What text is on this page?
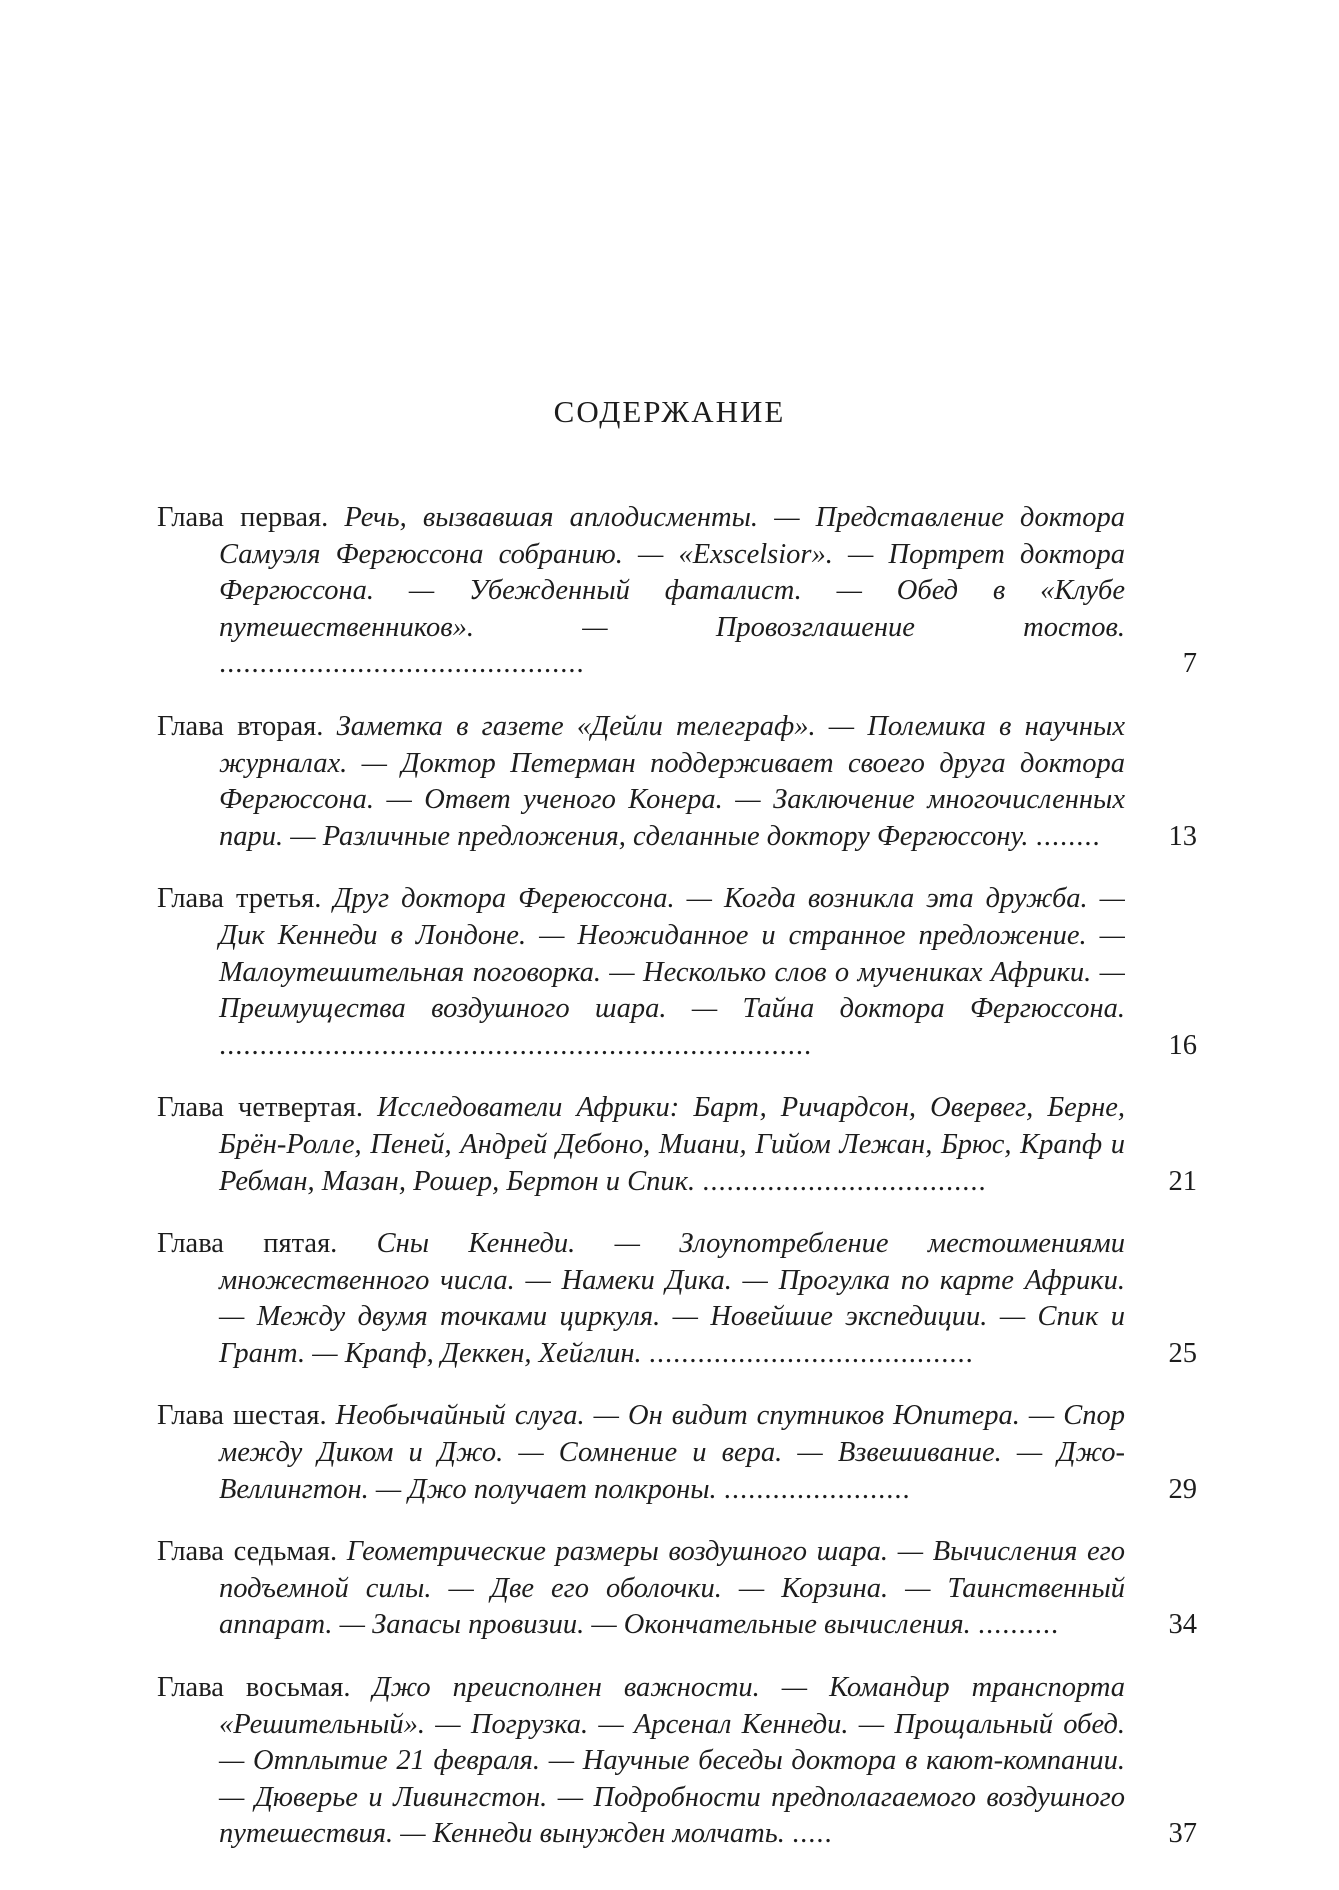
СОДЕРЖАНИЕ
Глава первая. Речь, вызвавшая аплодисменты. — Представление доктора Самуэля Фергюссона собранию. — «Exscelsior». — Портрет доктора Фергюссона. — Убежденный фаталист. — Обед в «Клубе путешественников». — Провозглашение тостов. .............................................	7
Глава вторая. Заметка в газете «Дейли телеграф». — Полемика в научных журналах. — Доктор Петерман поддерживает своего друга доктора Фергюссона. — Ответ ученого Конера. — Заключение многочисленных пари. — Различные предложения, сделанные доктору Фергюссону. ........	13
Глава третья. Друг доктора Фереюссона. — Когда возникла эта дружба. — Дик Кеннеди в Лондоне. — Неожиданное и странное предложение. — Малоутешительная поговорка. — Несколько слов о мучениках Африки. — Преимущества воздушного шара. — Тайна доктора Фергюссона. .........................................................................	16
Глава четвертая. Исследователи Африки: Барт, Ричардсон, Овервег, Берне, Брён-Ролле, Пеней, Андрей Дебоно, Миани, Гийом Лежан, Брюс, Крапф и Ребман, Мазан, Рошер, Бертон и Спик. ...................................	21
Глава пятая. Сны Кеннеди. — Злоупотребление местоимениями множественного числа. — Намеки Дика. — Прогулка по карте Африки. — Между двумя точками циркуля. — Новейшие экспедиции. — Спик и Грант. — Крапф, Деккен, Хейглин. ........................................	25
Глава шестая. Необычайный слуга. — Он видит спутников Юпитера. — Спор между Диком и Джо. — Сомнение и вера. — Взвешивание. — Джо-Веллингтон. — Джо получает полкроны. .......................	29
Глава седьмая. Геометрические размеры воздушного шара. — Вычисления его подъемной силы. — Две его оболочки. — Корзина. — Таинственный аппарат. — Запасы провизии. — Окончательные вычисления. ..........	34
Глава восьмая. Джо преисполнен важности. — Командир транспорта «Решительный». — Погрузка. — Арсенал Кеннеди. — Прощальный обед. — Отплытие 21 февраля. — Научные беседы доктора в кают-компании. — Дюверье и Ливингстон. — Подробности предполагаемого воздушного путешествия. — Кеннеди вынужден молчать. .....	37
